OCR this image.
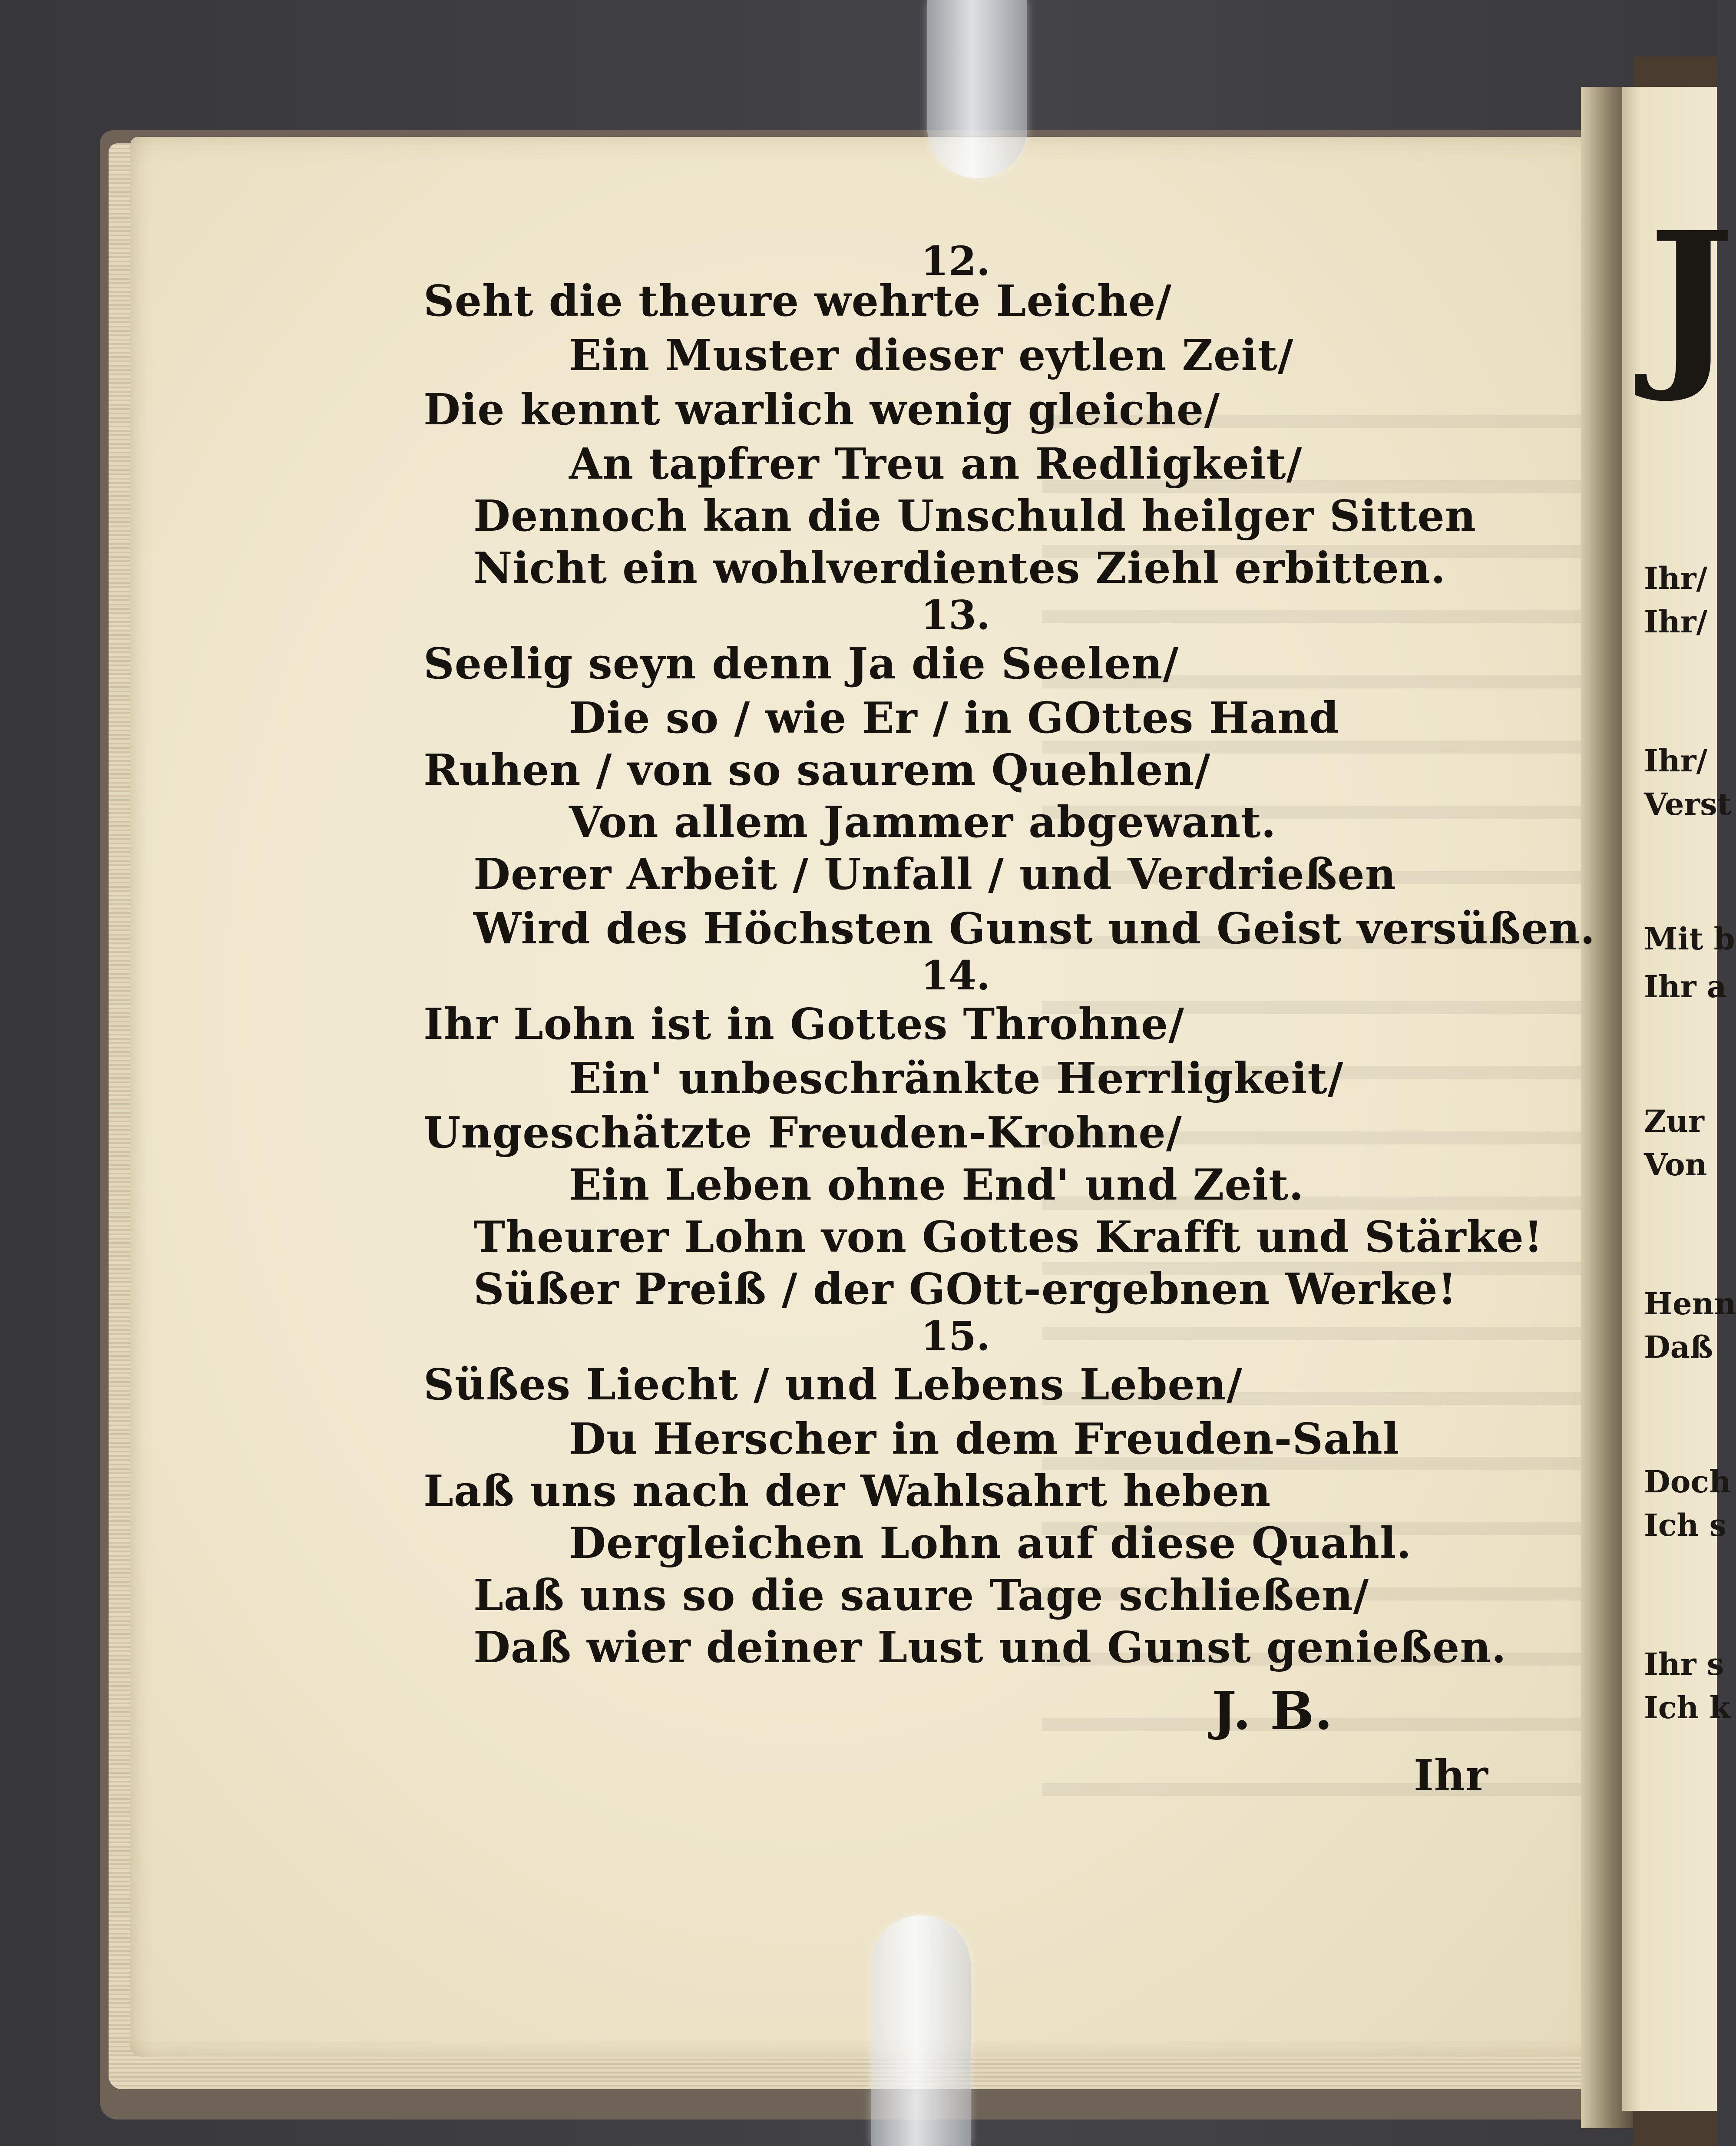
J
Ihr/
Ihr/
Ihr/
Verst
Mit b
Ihr a
Zur
Von
Henn
Daß
Doch
Ich s
Ihr s
Ich k
12.
Seht die theure wehrte Leiche/
Ein Muster dieser eytlen Zeit/
Die kennt warlich wenig gleiche/
An tapfrer Treu an Redligkeit/
Dennoch kan die Unschuld heilger Sitten
Nicht ein wohlverdientes Ziehl erbitten.
13.
Seelig seyn denn Ja die Seelen/
Die so / wie Er / in GOttes Hand
Ruhen / von so saurem Quehlen/
Von allem Jammer abgewant.
Derer Arbeit / Unfall / und Verdrießen
Wird des Höchsten Gunst und Geist versüßen.
14.
Ihr Lohn ist in Gottes Throhne/
Ein' unbeschränkte Herrligkeit/
Ungeschätzte Freuden-Krohne/
Ein Leben ohne End' und Zeit.
Theurer Lohn von Gottes Krafft und Stärke!
Süßer Preiß / der GOtt-ergebnen Werke!
15.
Süßes Liecht / und Lebens Leben/
Du Herscher in dem Freuden-Sahl
Laß uns nach der Wahlsahrt heben
Dergleichen Lohn auf diese Quahl.
Laß uns so die saure Tage schließen/
Daß wier deiner Lust und Gunst genießen.
J. B.
Ihr
